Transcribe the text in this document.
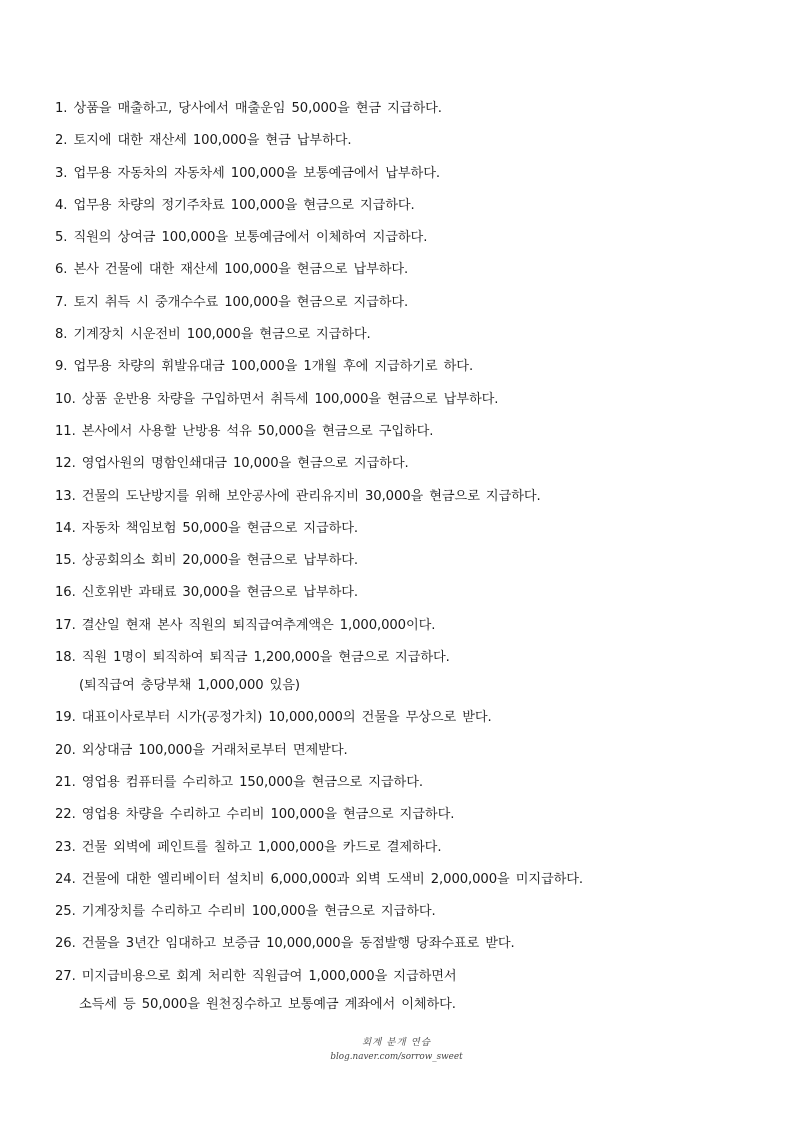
1. 상품을 매출하고, 당사에서 매출운임 50,000을 현금 지급하다.
2. 토지에 대한 재산세 100,000을 현금 납부하다.
3. 업무용 자동차의 자동차세 100,000을 보통예금에서 납부하다.
4. 업무용 차량의 정기주차료 100,000을 현금으로 지급하다.
5. 직원의 상여금 100,000을 보통예금에서 이체하여 지급하다.
6. 본사 건물에 대한 재산세 100,000을 현금으로 납부하다.
7. 토지 취득 시 중개수수료 100,000을 현금으로 지급하다.
8. 기계장치 시운전비 100,000을 현금으로 지급하다.
9. 업무용 차량의 휘발유대금 100,000을 1개월 후에 지급하기로 하다.
10. 상품 운반용 차량을 구입하면서 취득세 100,000을 현금으로 납부하다.
11. 본사에서 사용할 난방용 석유 50,000을 현금으로 구입하다.
12. 영업사원의 명함인쇄대금 10,000을 현금으로 지급하다.
13. 건물의 도난방지를 위해 보안공사에 관리유지비 30,000을 현금으로 지급하다.
14. 자동차 책임보험 50,000을 현금으로 지급하다.
15. 상공회의소 회비 20,000을 현금으로 납부하다.
16. 신호위반 과태료 30,000을 현금으로 납부하다.
17. 결산일 현재 본사 직원의 퇴직급여추계액은 1,000,000이다.
18. 직원 1명이 퇴직하여 퇴직금 1,200,000을 현금으로 지급하다.
(퇴직급여 충당부채 1,000,000 있음)
19. 대표이사로부터 시가(공정가치) 10,000,000의 건물을 무상으로 받다.
20. 외상대금 100,000을 거래처로부터 면제받다.
21. 영업용 컴퓨터를 수리하고 150,000을 현금으로 지급하다.
22. 영업용 차량을 수리하고 수리비 100,000을 현금으로 지급하다.
23. 건물 외벽에 페인트를 칠하고 1,000,000을 카드로 결제하다.
24. 건물에 대한 엘리베이터 설치비 6,000,000과 외벽 도색비 2,000,000을 미지급하다.
25. 기계장치를 수리하고 수리비 100,000을 현금으로 지급하다.
26. 건물을 3년간 임대하고 보증금 10,000,000을 동점발행 당좌수표로 받다.
27. 미지급비용으로 회계 처리한 직원급여 1,000,000을 지급하면서
소득세 등 50,000을 원천징수하고 보통예금 계좌에서 이체하다.
회계 분개 연습
blog.naver.com/sorrow_sweet
